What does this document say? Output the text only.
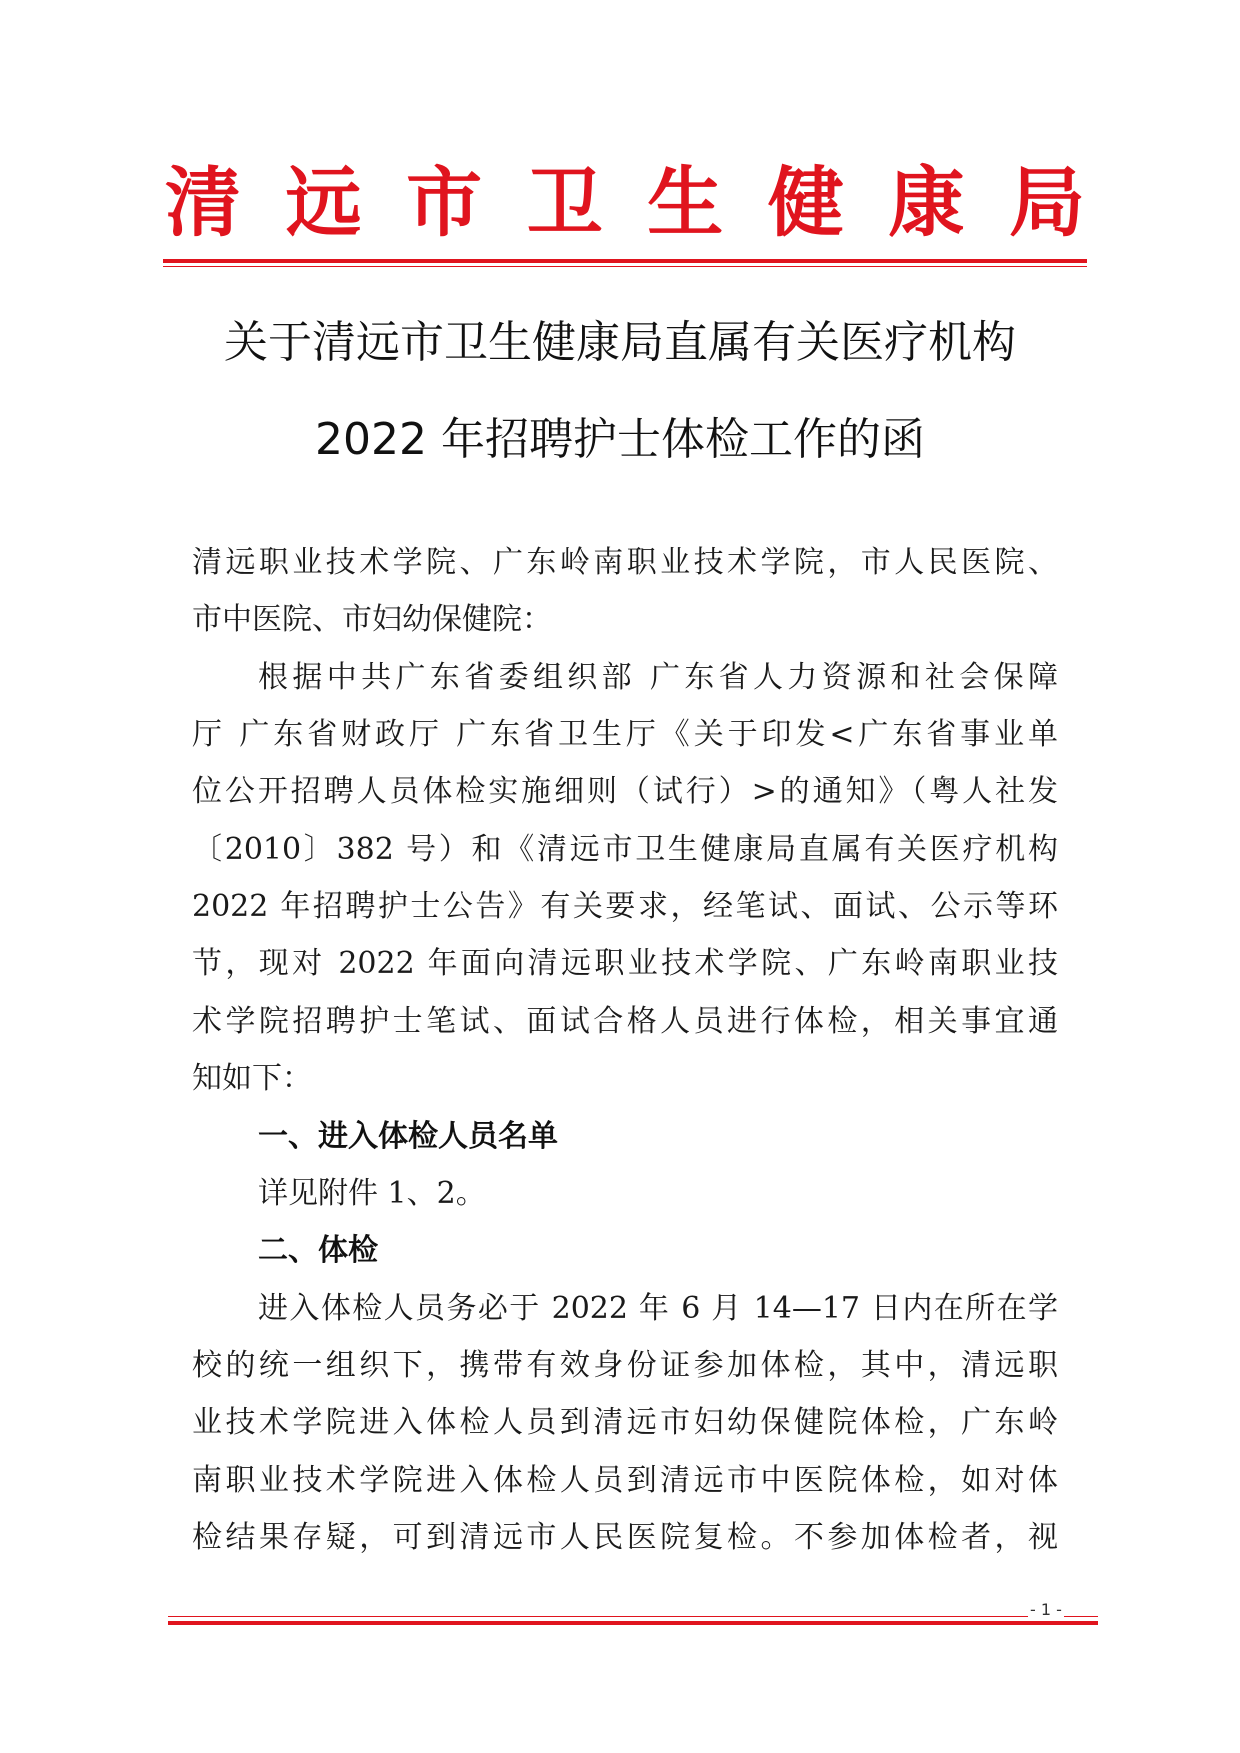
清 远 市 卫 生 健 康 局
关于清远市卫生健康局直属有关医疗机构
2022 年招聘护士体检工作的函
清远职业技术学院、广东岭南职业技术学院，市人民医院、
市中医院、市妇幼保健院：
根据中共广东省委组织部 广东省人力资源和社会保障
厅 广东省财政厅 广东省卫生厅《关于印发<广东省事业单
位公开招聘人员体检实施细则（试行）>的通知》（粤人社发
〔2010〕382 号）和《清远市卫生健康局直属有关医疗机构
2022 年招聘护士公告》有关要求，经笔试、面试、公示等环
节，现对 2022 年面向清远职业技术学院、广东岭南职业技
术学院招聘护士笔试、面试合格人员进行体检，相关事宜通
知如下：
一、进入体检人员名单
详见附件 1、2。
二、体检
进入体检人员务必于 2022 年 6 月 14—17 日内在所在学
校的统一组织下，携带有效身份证参加体检，其中，清远职
业技术学院进入体检人员到清远市妇幼保健院体检，广东岭
南职业技术学院进入体检人员到清远市中医院体检，如对体
检结果存疑，可到清远市人民医院复检。不参加体检者，视
- 1 -
